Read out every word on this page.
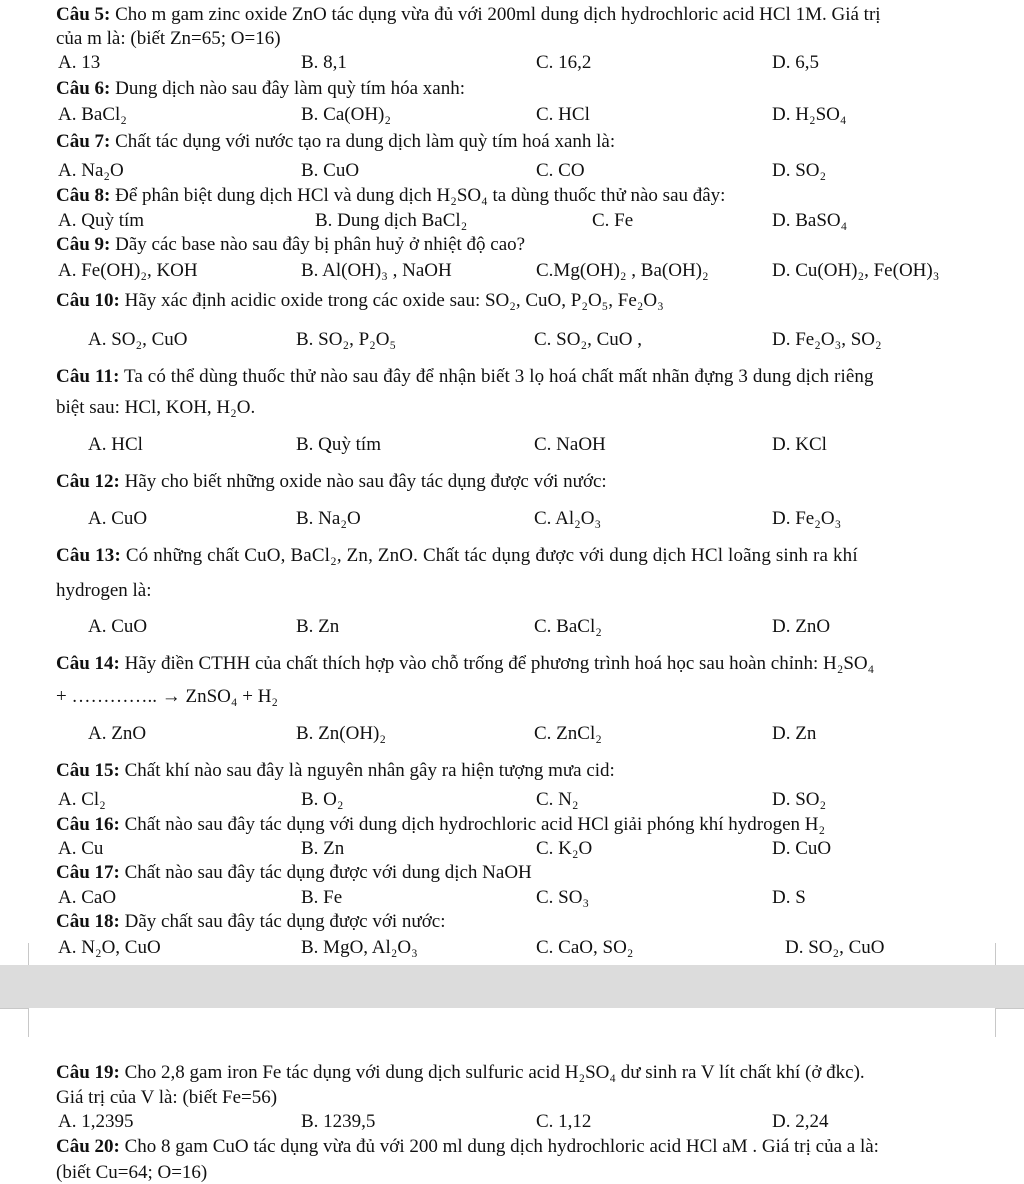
Câu 5: Cho m gam zinc oxide ZnO tác dụng vừa đủ với 200ml dung dịch hydrochloric acid HCl 1M. Giá trị
của m là: (biết Zn=65; O=16)
A. 13	B. 8,1	C. 16,2	D. 6,5
Câu 6: Dung dịch nào sau đây làm quỳ tím hóa xanh:
A. BaCl₂	B. Ca(OH)₂	C. HCl	D. H₂SO₄
Câu 7: Chất tác dụng với nước tạo ra dung dịch làm quỳ tím hoá xanh là:
A. Na₂O	B. CuO	C. CO	D. SO₂
Câu 8: Để phân biệt dung dịch HCl và dung dịch H₂SO₄ ta dùng thuốc thử nào sau đây:
A. Quỳ tím	B. Dung dịch BaCl₂	C. Fe	D. BaSO₄
Câu 9: Dãy các base nào sau đây bị phân huỷ ở nhiệt độ cao?
A. Fe(OH)₂, KOH	B. Al(OH)₃ , NaOH	C.Mg(OH)₂ , Ba(OH)₂	D. Cu(OH)₂, Fe(OH)₃
Câu 10: Hãy xác định acidic oxide trong các oxide sau: SO₂, CuO, P₂O₅, Fe₂O₃
A. SO₂, CuO	B. SO₂, P₂O₅	C. SO₂, CuO ,	D. Fe₂O₃, SO₂
Câu 11: Ta có thể dùng thuốc thử nào sau đây để nhận biết 3 lọ hoá chất mất nhãn đựng 3 dung dịch riêng
biệt sau: HCl, KOH, H₂O.
A. HCl	B. Quỳ tím	C. NaOH	D. KCl
Câu 12: Hãy cho biết những oxide nào sau đây tác dụng được với nước:
A. CuO	B. Na₂O	C. Al₂O₃	D. Fe₂O₃
Câu 13: Có những chất CuO, BaCl₂, Zn, ZnO. Chất tác dụng được với dung dịch HCl loãng sinh ra khí
hydrogen là:
A. CuO	B. Zn	C. BaCl₂	D. ZnO
Câu 14: Hãy điền CTHH của chất thích hợp vào chỗ trống để phương trình hoá học sau hoàn chỉnh: H₂SO₄
+ ………….. → ZnSO₄ + H₂
A. ZnO	B. Zn(OH)₂	C. ZnCl₂	D. Zn
Câu 15: Chất khí nào sau đây là nguyên nhân gây ra hiện tượng mưa cid:
A. Cl₂	B. O₂	C. N₂	D. SO₂
Câu 16: Chất nào sau đây tác dụng với dung dịch hydrochloric acid HCl giải phóng khí hydrogen H₂
A. Cu	B. Zn	C. K₂O	D. CuO
Câu 17: Chất nào sau đây tác dụng được với dung dịch NaOH
A. CaO	B. Fe	C. SO₃	D. S
Câu 18: Dãy chất sau đây tác dụng được với nước:
A. N₂O, CuO	B. MgO, Al₂O₃	C. CaO, SO₂	D. SO₂, CuO
Câu 19: Cho 2,8 gam iron Fe tác dụng với dung dịch sulfuric acid H₂SO₄ dư sinh ra V lít chất khí (ở đkc).
Giá trị của V là: (biết Fe=56)
A. 1,2395	B. 1239,5	C. 1,12	D. 2,24
Câu 20: Cho 8 gam CuO tác dụng vừa đủ với 200 ml dung dịch hydrochloric acid HCl aM . Giá trị của a là:
(biết Cu=64; O=16)
